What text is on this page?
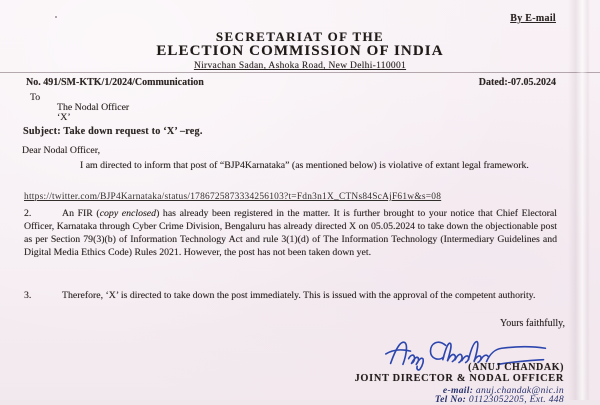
By E-mail
SECRETARIAT OF THE
ELECTION COMMISSION OF INDIA
Nirvachan Sadan, Ashoka Road, New Delhi-110001
No. 491/SM-KTK/1/2024/Communication	Dated:-07.05.2024
To
The Nodal Officer
‘X’
Subject: Take down request to ‘X’ –reg.
Dear Nodal Officer,
I am directed to inform that post of “BJP4Karnataka” (as mentioned below) is violative of extant legal framework.
https://twitter.com/BJP4Karnataka/status/1786725873334256103?t=Fdn3n1X_CTNs84ScAjF61w&s=08
2.	An FIR (copy enclosed) has already been registered in the matter. It is further brought to your notice that Chief Electoral Officer, Karnataka through Cyber Crime Division, Bengaluru has already directed X on 05.05.2024 to take down the objectionable post as per Section 79(3)(b) of Information Technology Act and rule 3(1)(d) of The Information Technology (Intermediary Guidelines and Digital Media Ethics Code) Rules 2021. However, the post has not been taken down yet.
3.	Therefore, ‘X’ is directed to take down the post immediately. This is issued with the approval of the competent authority.
Yours faithfully,
(ANUJ CHANDAK)
JOINT DIRECTOR & NODAL OFFICER
e-mail: anuj.chandak@nic.in
Tel No: 01123052205, Ext. 448
